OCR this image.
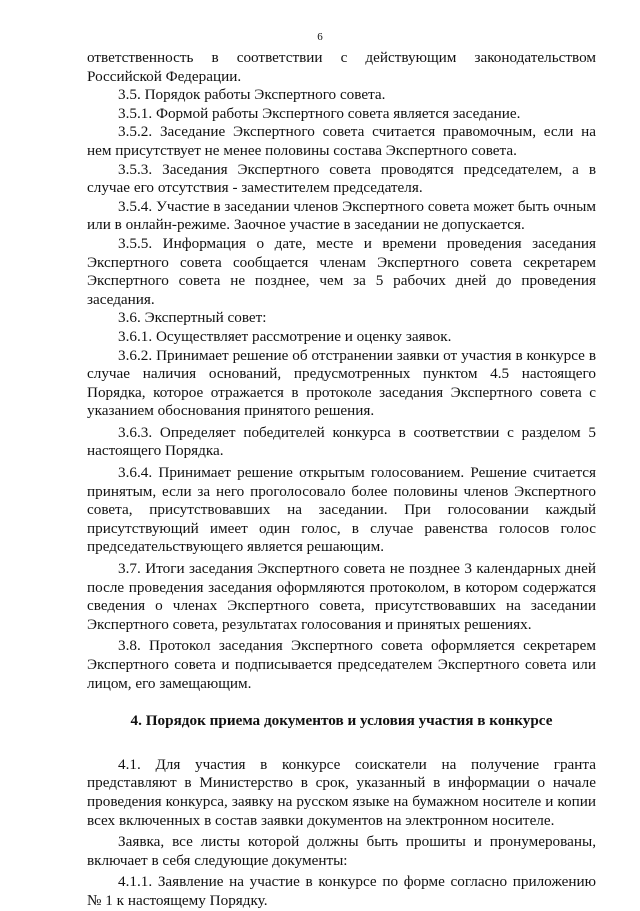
6

ответственность в соответствии с действующим законодательством Российской Федерации.

3.5. Порядок работы Экспертного совета.

3.5.1. Формой работы Экспертного совета является заседание.

3.5.2. Заседание Экспертного совета считается правомочным, если на нем присутствует не менее половины состава Экспертного совета.

3.5.3. Заседания Экспертного совета проводятся председателем, а в случае его отсутствия - заместителем председателя.

3.5.4. Участие в заседании членов Экспертного совета может быть очным или в онлайн-режиме. Заочное участие в заседании не допускается.

3.5.5. Информация о дате, месте и времени проведения заседания Экспертного совета сообщается членам Экспертного совета секретарем Экспертного совета не позднее, чем за 5 рабочих дней до проведения заседания.

3.6. Экспертный совет:

3.6.1. Осуществляет рассмотрение и оценку заявок.

3.6.2. Принимает решение об отстранении заявки от участия в конкурсе в случае наличия оснований, предусмотренных пунктом 4.5 настоящего Порядка, которое отражается в протоколе заседания Экспертного совета с указанием обоснования принятого решения.

3.6.3. Определяет победителей конкурса в соответствии с разделом 5 настоящего Порядка.

3.6.4. Принимает решение открытым голосованием. Решение считается принятым, если за него проголосовало более половины членов Экспертного совета, присутствовавших на заседании. При голосовании каждый присутствующий имеет один голос, в случае равенства голосов голос председательствующего является решающим.

3.7. Итоги заседания Экспертного совета не позднее 3 календарных дней после проведения заседания оформляются протоколом, в котором содержатся сведения о членах Экспертного совета, присутствовавших на заседании Экспертного совета, результатах голосования и принятых решениях.

3.8. Протокол заседания Экспертного совета оформляется секретарем Экспертного совета и подписывается председателем Экспертного совета или лицом, его замещающим.

4. Порядок приема документов и условия участия в конкурсе

4.1. Для участия в конкурсе соискатели на получение гранта представляют в Министерство в срок, указанный в информации о начале проведения конкурса, заявку на русском языке на бумажном носителе и копии всех включенных в состав заявки документов на электронном носителе.

Заявка, все листы которой должны быть прошиты и пронумерованы, включает в себя следующие документы:

4.1.1. Заявление на участие в конкурсе по форме согласно приложению № 1 к настоящему Порядку.
